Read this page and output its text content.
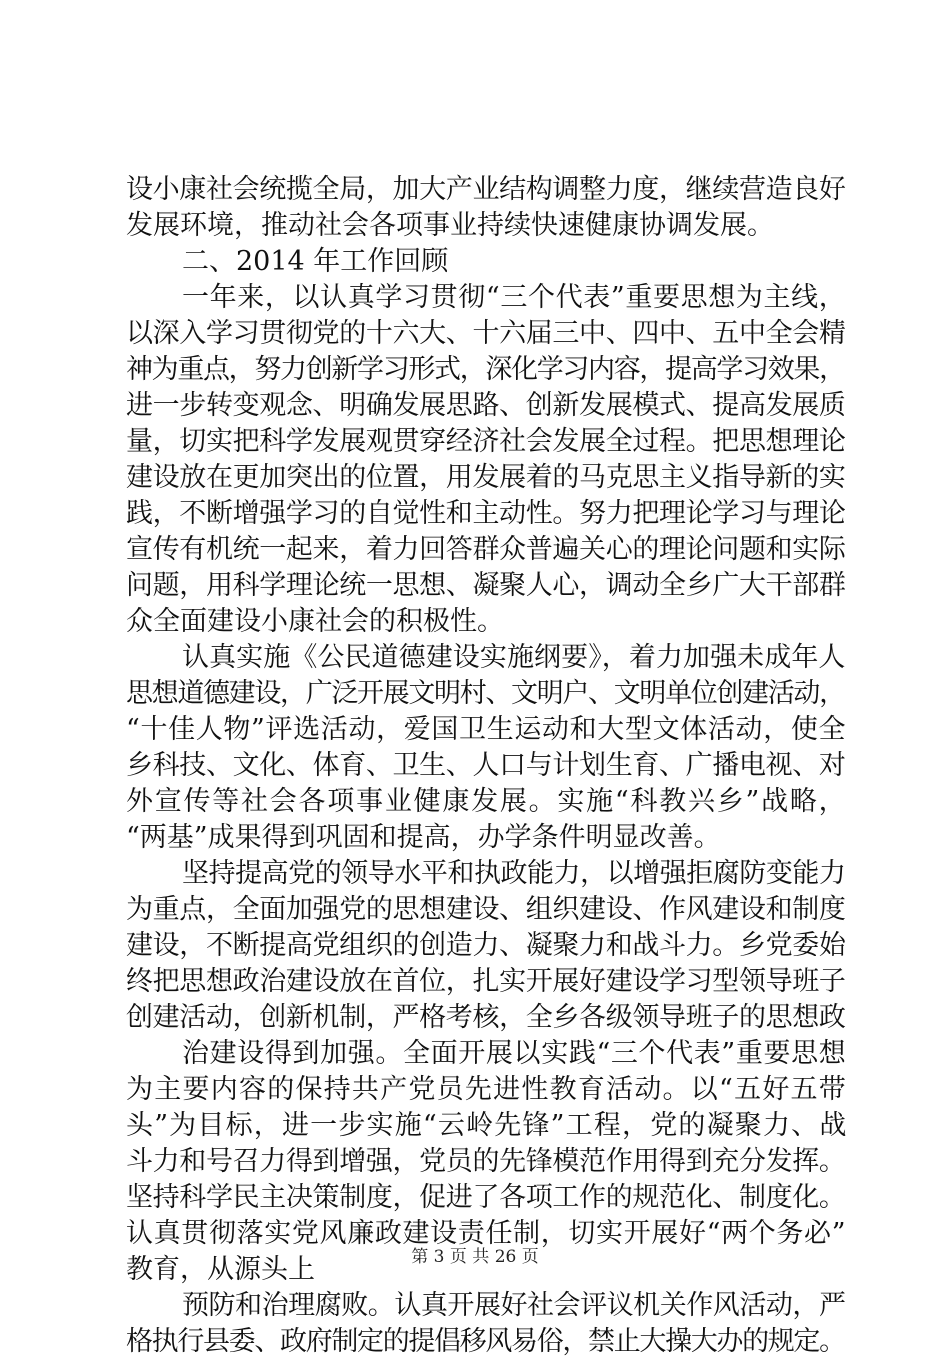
设小康社会统揽全局，加大产业结构调整力度，继续营造良好
发展环境，推动社会各项事业持续快速健康协调发展。
二、2014 年工作回顾
一年来，以认真学习贯彻“三个代表”重要思想为主线，
以深入学习贯彻党的十六大、十六届三中、四中、五中全会精
神为重点，努力创新学习形式，深化学习内容，提高学习效果，
进一步转变观念、明确发展思路、创新发展模式、提高发展质
量，切实把科学发展观贯穿经济社会发展全过程。把思想理论
建设放在更加突出的位置，用发展着的马克思主义指导新的实
践，不断增强学习的自觉性和主动性。努力把理论学习与理论
宣传有机统一起来，着力回答群众普遍关心的理论问题和实际
问题，用科学理论统一思想、凝聚人心，调动全乡广大干部群
众全面建设小康社会的积极性。
认真实施《公民道德建设实施纲要》，着力加强未成年人
思想道德建设，广泛开展文明村、文明户、文明单位创建活动，
“十佳人物”评选活动，爱国卫生运动和大型文体活动，使全
乡科技、文化、体育、卫生、人口与计划生育、广播电视、对
外宣传等社会各项事业健康发展。实施“科教兴乡”战略，
“两基”成果得到巩固和提高，办学条件明显改善。
坚持提高党的领导水平和执政能力，以增强拒腐防变能力
为重点，全面加强党的思想建设、组织建设、作风建设和制度
建设，不断提高党组织的创造力、凝聚力和战斗力。乡党委始
终把思想政治建设放在首位，扎实开展好建设学习型领导班子
创建活动，创新机制，严格考核，全乡各级领导班子的思想政
治建设得到加强。全面开展以实践“三个代表”重要思想
为主要内容的保持共产党员先进性教育活动。以“五好五带
头”为目标，进一步实施“云岭先锋”工程，党的凝聚力、战
斗力和号召力得到增强，党员的先锋模范作用得到充分发挥。
坚持科学民主决策制度，促进了各项工作的规范化、制度化。
认真贯彻落实党风廉政建设责任制，切实开展好“两个务必”
教育，从源头上
预防和治理腐败。认真开展好社会评议机关作风活动，严
格执行县委、政府制定的提倡移风易俗，禁止大操大办的规定。
第 3 页 共 26 页
